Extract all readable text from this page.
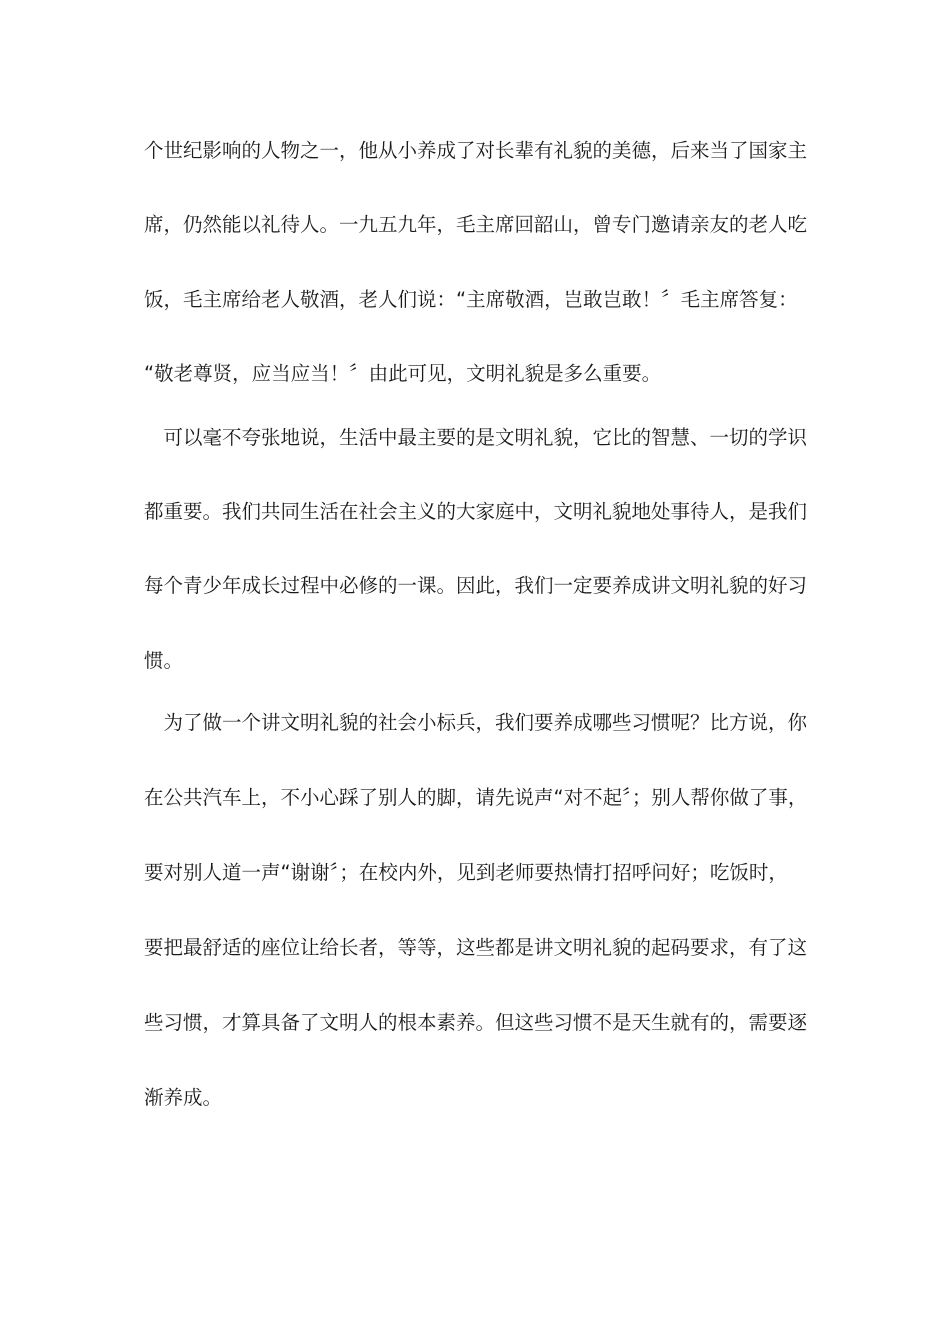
个世纪影响的人物之一，他从小养成了对长辈有礼貌的美德，后来当了国家主
席，仍然能以礼待人。一九五九年，毛主席回韶山，曾专门邀请亲友的老人吃
饭，毛主席给老人敬酒，老人们说：“主席敬酒，岂敢岂敢！〞毛主席答复：
“敬老尊贤，应当应当！〞由此可见，文明礼貌是多么重要。
　可以毫不夸张地说，生活中最主要的是文明礼貌，它比的智慧、一切的学识
都重要。我们共同生活在社会主义的大家庭中，文明礼貌地处事待人，是我们
每个青少年成长过程中必修的一课。因此，我们一定要养成讲文明礼貌的好习
惯。
　为了做一个讲文明礼貌的社会小标兵，我们要养成哪些习惯呢？比方说，你
在公共汽车上，不小心踩了别人的脚，请先说声“对不起〞；别人帮你做了事，
要对别人道一声“谢谢〞；在校内外，见到老师要热情打招呼问好；吃饭时，
要把最舒适的座位让给长者，等等，这些都是讲文明礼貌的起码要求，有了这
些习惯，才算具备了文明人的根本素养。但这些习惯不是天生就有的，需要逐
渐养成。
